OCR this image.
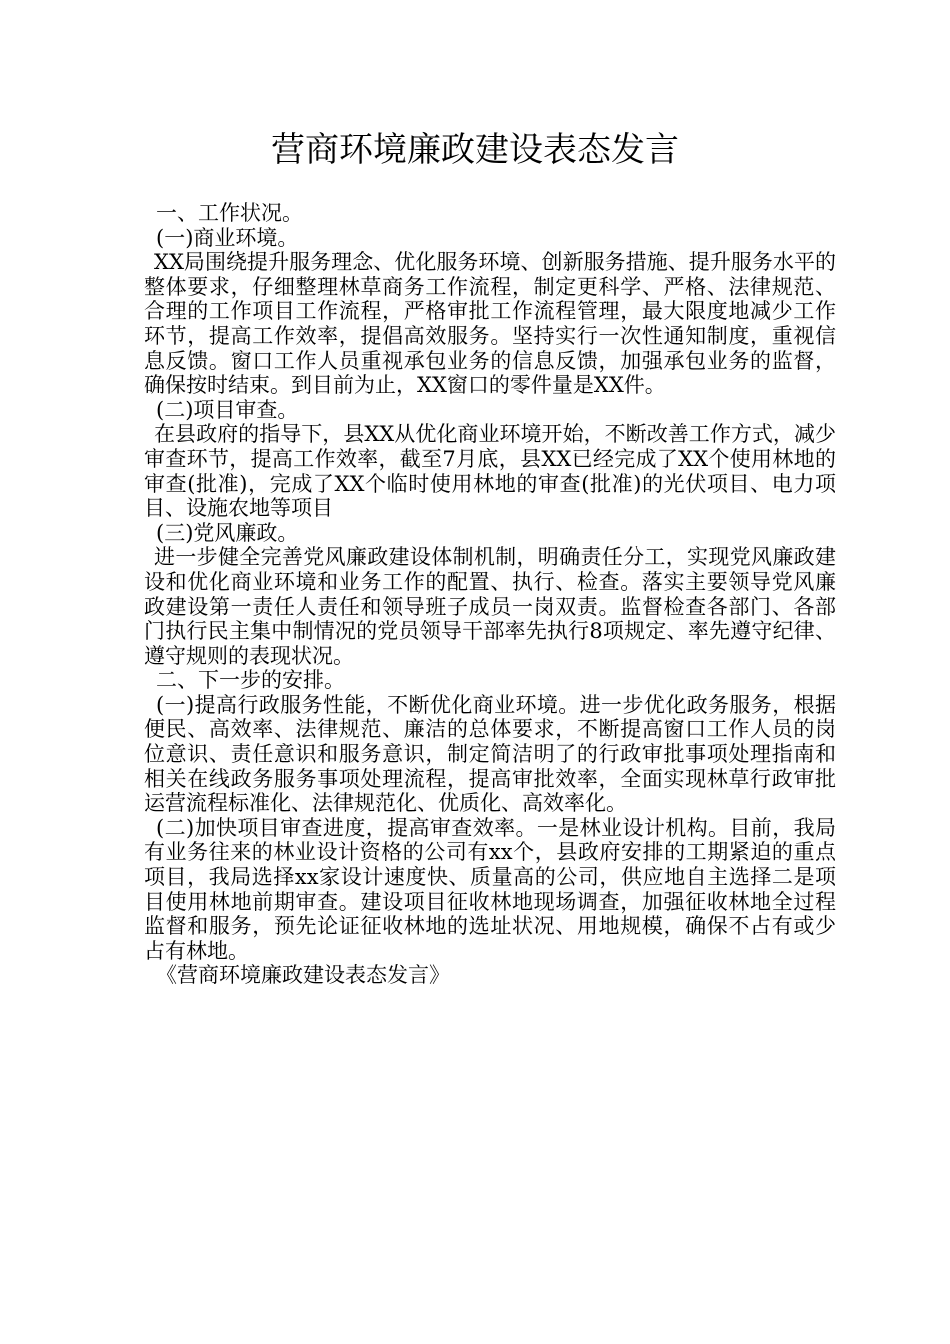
营商环境廉政建设表态发言

一、工作状况。

(一)商业环境。

XX局围绕提升服务理念、优化服务环境、创新服务措施、提升服务水平的整体要求，仔细整理林草商务工作流程，制定更科学、严格、法律规范、合理的工作项目工作流程，严格审批工作流程管理，最大限度地减少工作环节，提高工作效率，提倡高效服务。坚持实行一次性通知制度，重视信息反馈。窗口工作人员重视承包业务的信息反馈，加强承包业务的监督，确保按时结束。到目前为止，XX窗口的零件量是XX件。

(二)项目审查。

在县政府的指导下，县XX从优化商业环境开始，不断改善工作方式，减少审查环节，提高工作效率，截至7月底，县XX已经完成了XX个使用林地的审查(批准)，完成了XX个临时使用林地的审查(批准)的光伏项目、电力项目、设施农地等项目

(三)党风廉政。

进一步健全完善党风廉政建设体制机制，明确责任分工，实现党风廉政建设和优化商业环境和业务工作的配置、执行、检查。落实主要领导党风廉政建设第一责任人责任和领导班子成员一岗双责。监督检查各部门、各部门执行民主集中制情况的党员领导干部率先执行8项规定、率先遵守纪律、遵守规则的表现状况。

二、下一步的安排。

(一)提高行政服务性能，不断优化商业环境。进一步优化政务服务，根据便民、高效率、法律规范、廉洁的总体要求，不断提高窗口工作人员的岗位意识、责任意识和服务意识，制定简洁明了的行政审批事项处理指南和相关在线政务服务事项处理流程，提高审批效率，全面实现林草行政审批运营流程标准化、法律规范化、优质化、高效率化。

(二)加快项目审查进度，提高审查效率。一是林业设计机构。目前，我局有业务往来的林业设计资格的公司有xx个，县政府安排的工期紧迫的重点项目，我局选择xx家设计速度快、质量高的公司，供应地自主选择二是项目使用林地前期审查。建设项目征收林地现场调查，加强征收林地全过程监督和服务，预先论证征收林地的选址状况、用地规模，确保不占有或少占有林地。

《营商环境廉政建设表态发言》
